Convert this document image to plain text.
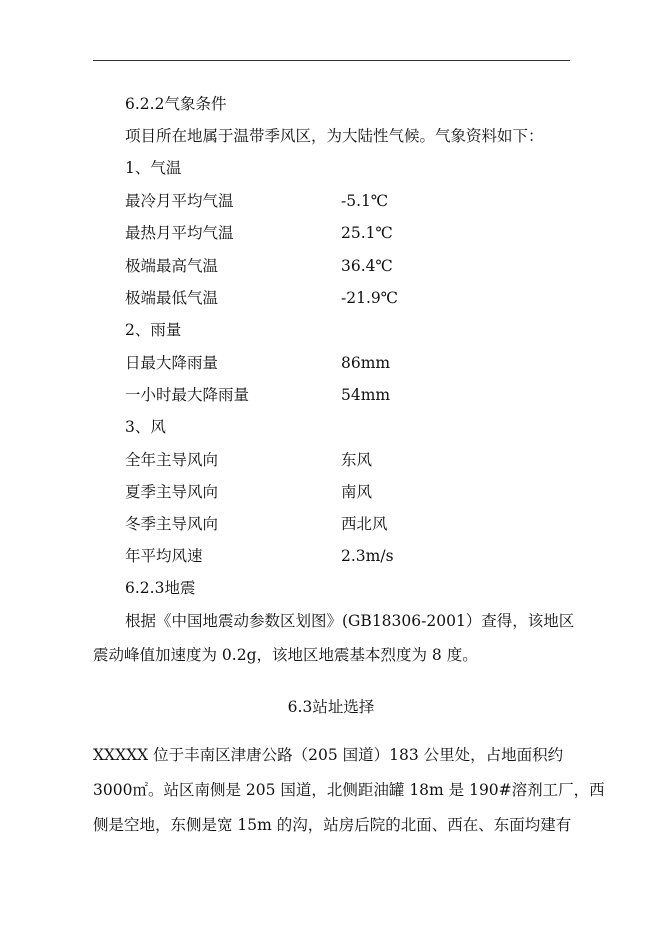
6.2.2气象条件
项目所在地属于温带季风区，为大陆性气候。气象资料如下：
1、气温
最冷月平均气温	-5.1℃
最热月平均气温	25.1℃
极端最高气温	36.4℃
极端最低气温	-21.9℃
2、雨量
日最大降雨量	86mm
一小时最大降雨量	54mm
3、风
全年主导风向	东风
夏季主导风向	南风
冬季主导风向	西北风
年平均风速	2.3m/s
6.2.3地震
根据《中国地震动参数区划图》(GB18306-2001）查得，该地区
震动峰值加速度为 0.2g，该地区地震基本烈度为 8 度。
6.3站址选择
XXXXX 位于丰南区津唐公路（205 国道）183 公里处，占地面积约
3000㎡。站区南侧是 205 国道，北侧距油罐 18m 是 190#溶剂工厂，西
侧是空地，东侧是宽 15m 的沟，站房后院的北面、西在、东面均建有
